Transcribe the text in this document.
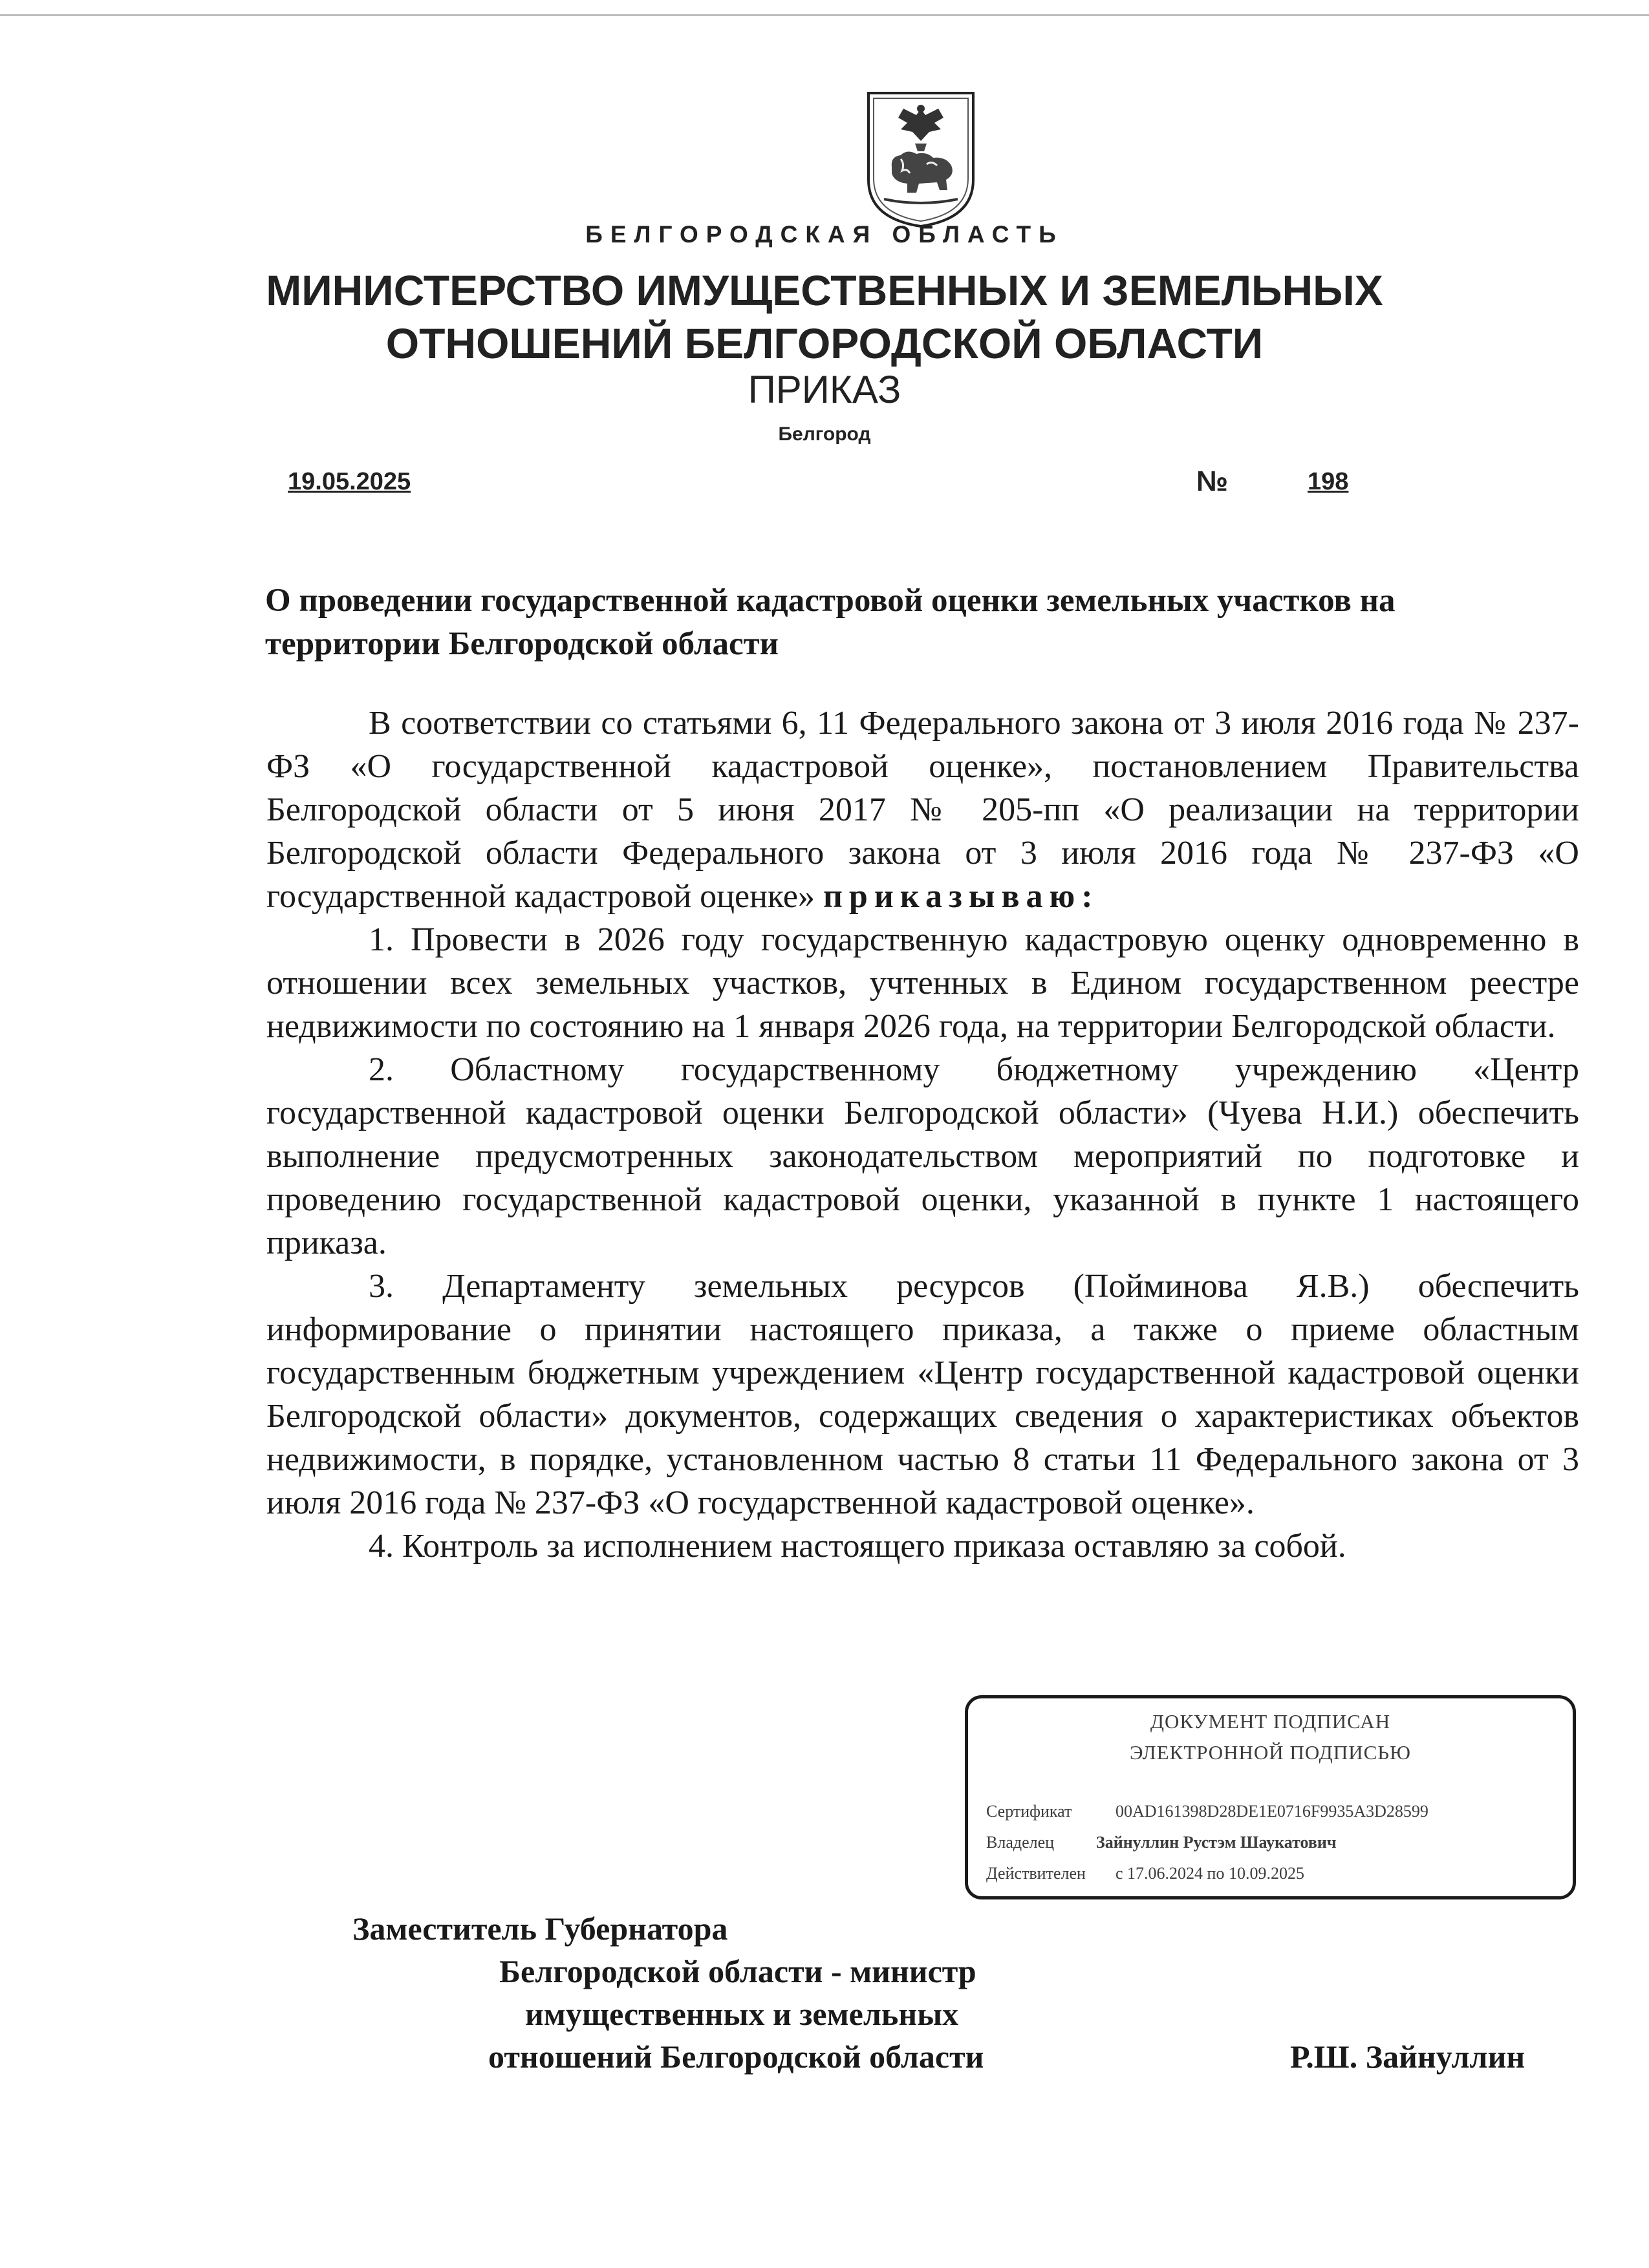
БЕЛГОРОДСКАЯ ОБЛАСТЬ
МИНИСТЕРСТВО ИМУЩЕСТВЕННЫХ И ЗЕМЕЛЬНЫХ
ОТНОШЕНИЙ БЕЛГОРОДСКОЙ ОБЛАСТИ
ПРИКАЗ
Белгород
19.05.2025	№	198
О проведении государственной кадастровой оценки земельных участков на территории Белгородской области

В соответствии со статьями 6, 11 Федерального закона от 3 июля 2016 года № 237-ФЗ «О государственной кадастровой оценке», постановлением Правительства Белгородской области от 5 июня 2017 № 205-пп «О реализации на территории Белгородской области Федерального закона от 3 июля 2016 года № 237-ФЗ «О государственной кадастровой оценке» приказываю:

1. Провести в 2026 году государственную кадастровую оценку одновременно в отношении всех земельных участков, учтенных в Едином государственном реестре недвижимости по состоянию на 1 января 2026 года, на территории Белгородской области.

2. Областному государственному бюджетному учреждению «Центр государственной кадастровой оценки Белгородской области» (Чуева Н.И.) обеспечить выполнение предусмотренных законодательством мероприятий по подготовке и проведению государственной кадастровой оценки, указанной в пункте 1 настоящего приказа.

3. Департаменту земельных ресурсов (Пойминова Я.В.) обеспечить информирование о принятии настоящего приказа, а также о приеме областным государственным бюджетным учреждением «Центр государственной кадастровой оценки Белгородской области» документов, содержащих сведения о характеристиках объектов недвижимости, в порядке, установленном частью 8 статьи 11 Федерального закона от 3 июля 2016 года № 237-ФЗ «О государственной кадастровой оценке».

4. Контроль за исполнением настоящего приказа оставляю за собой.

ДОКУМЕНТ ПОДПИСАН
ЭЛЕКТРОННОЙ ПОДПИСЬЮ
Сертификат	00AD161398D28DE1E0716F9935A3D28599
Владелец Зайнуллин Рустэм Шаукатович
Действителен с 17.06.2024 по 10.09.2025
Заместитель Губернатора
Белгородской области - министр
имущественных и земельных
отношений Белгородской области	Р.Ш. Зайнуллин
